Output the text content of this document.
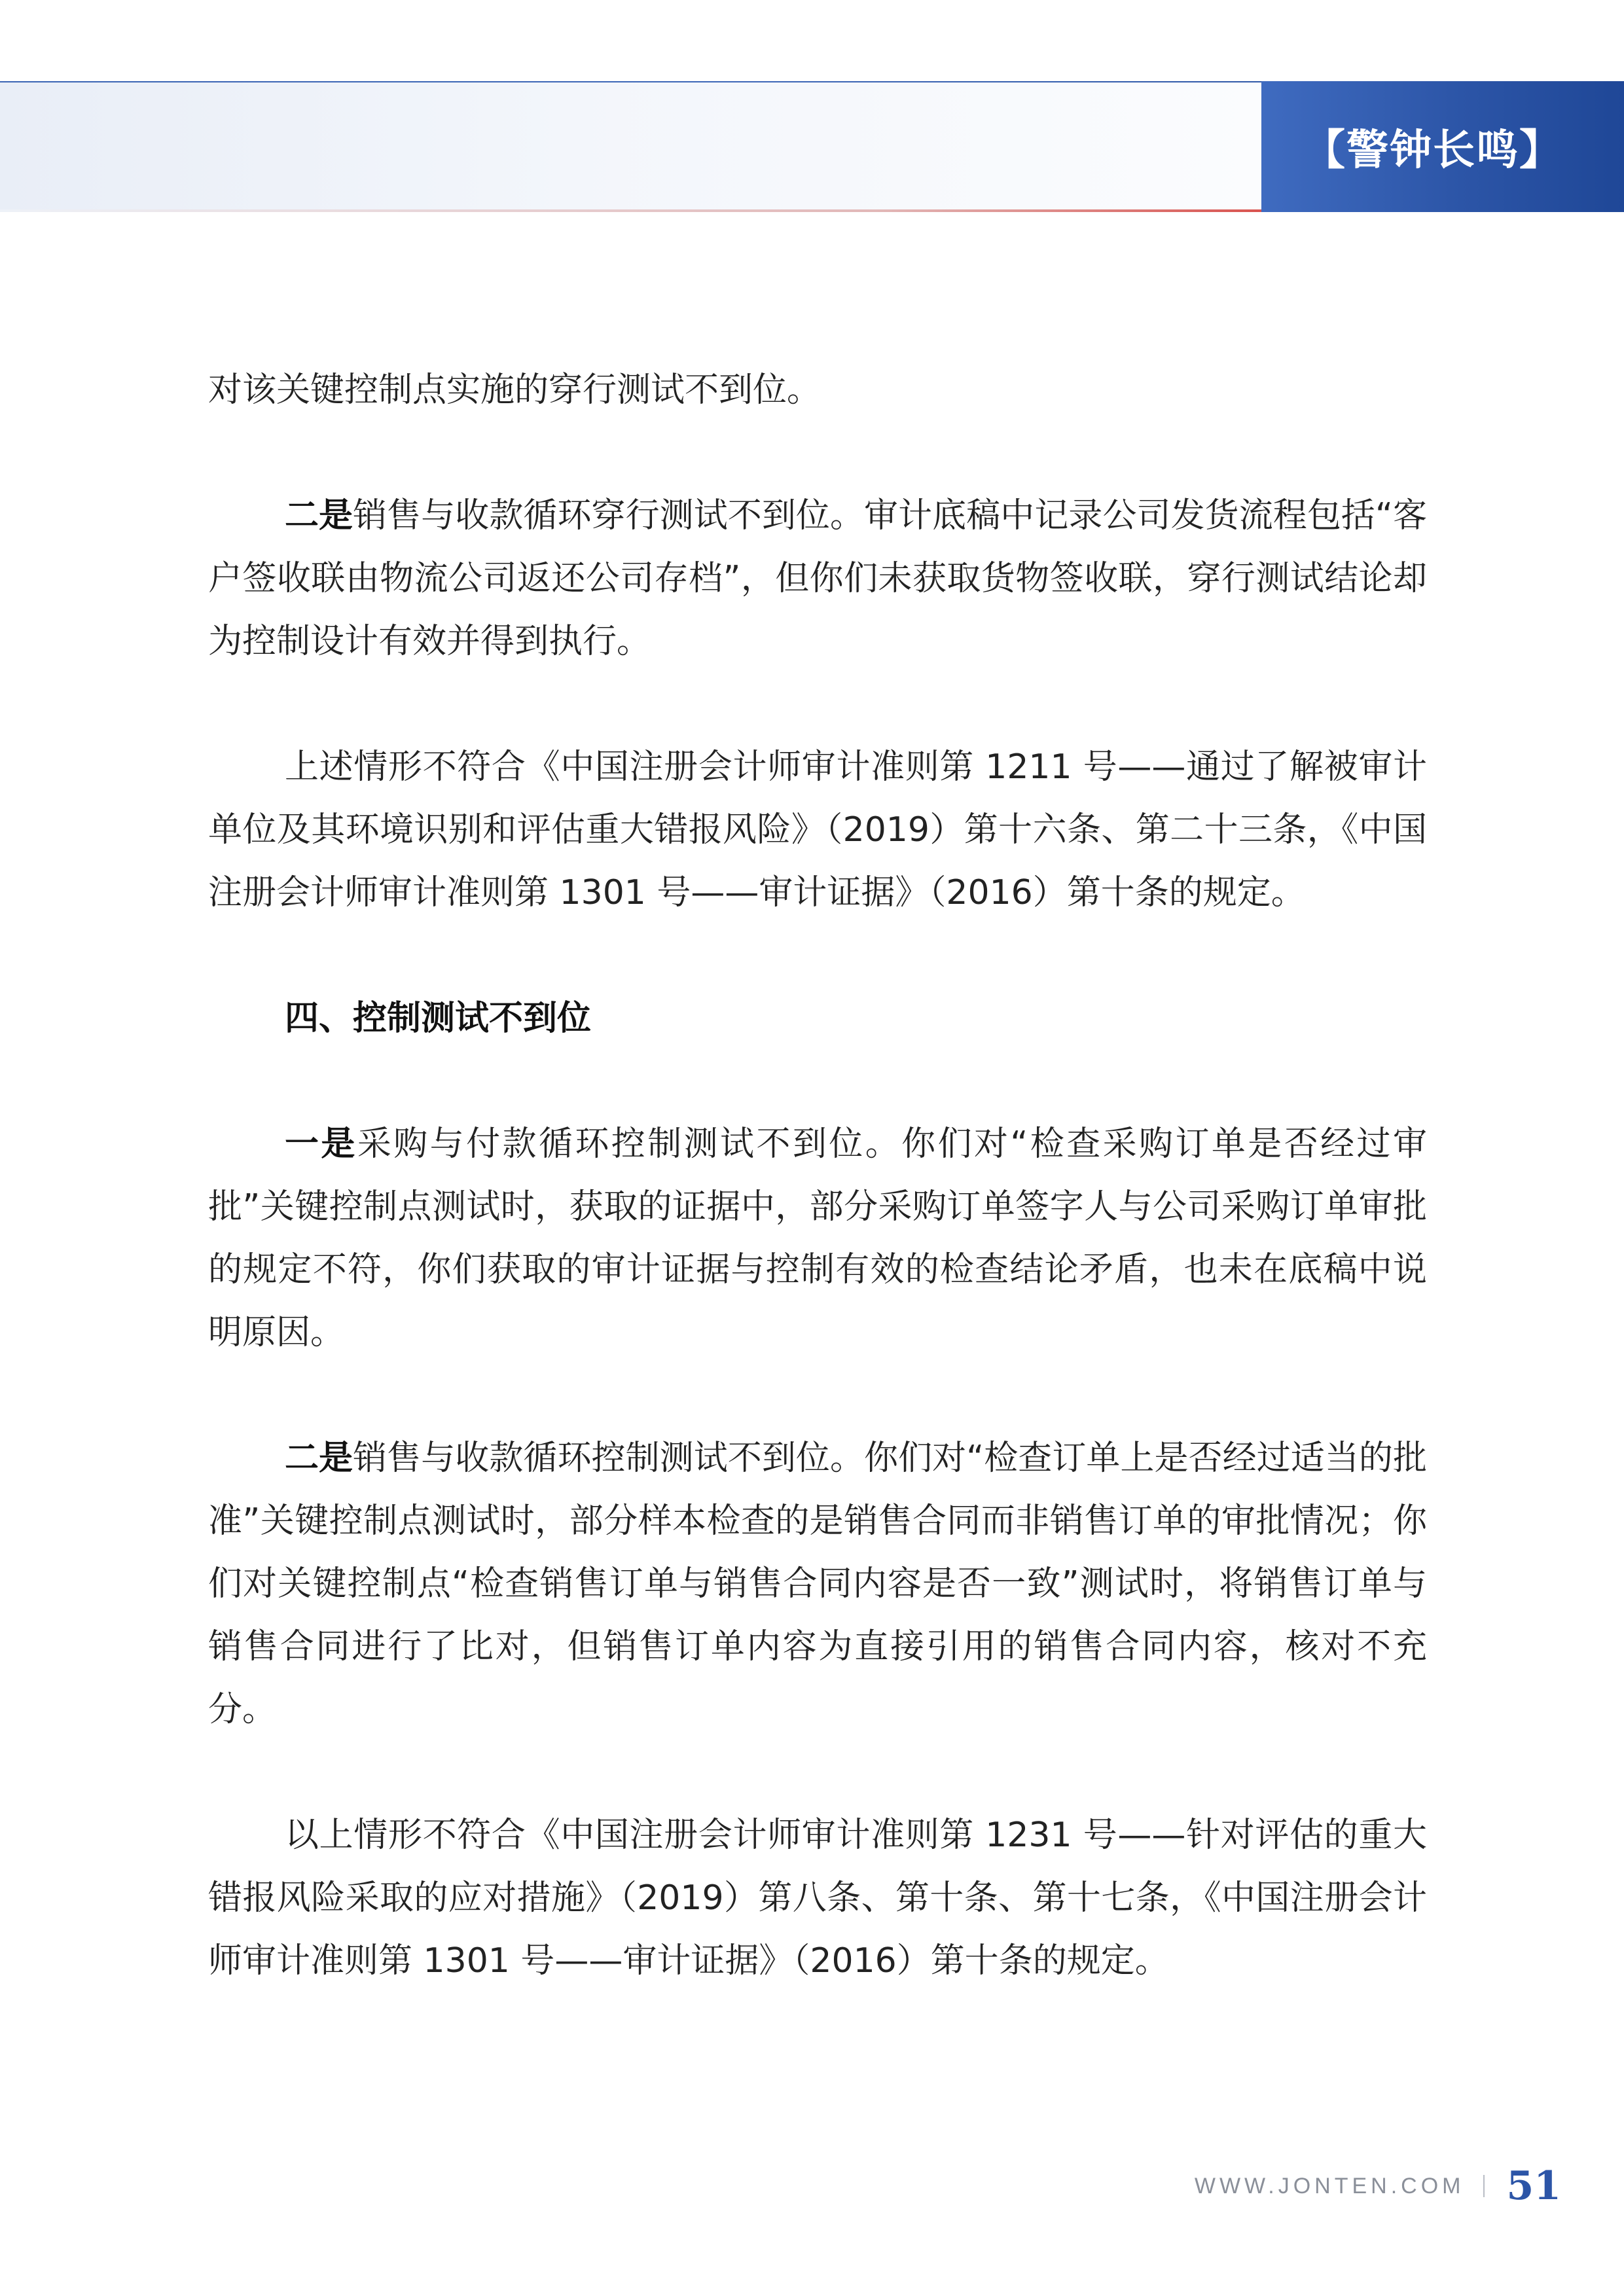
【警钟长鸣】

对该关键控制点实施的穿行测试不到位。

二是销售与收款循环穿行测试不到位。审计底稿中记录公司发货流程包括“客户签收联由物流公司返还公司存档”，但你们未获取货物签收联，穿行测试结论却为控制设计有效并得到执行。

上述情形不符合《中国注册会计师审计准则第 1211 号——通过了解被审计单位及其环境识别和评估重大错报风险》（2019）第十六条、第二十三条，《中国注册会计师审计准则第 1301 号——审计证据》（2016）第十条的规定。

四、控制测试不到位

一是采购与付款循环控制测试不到位。你们对“检查采购订单是否经过审批”关键控制点测试时，获取的证据中，部分采购订单签字人与公司采购订单审批的规定不符，你们获取的审计证据与控制有效的检查结论矛盾，也未在底稿中说明原因。

二是销售与收款循环控制测试不到位。你们对“检查订单上是否经过适当的批准”关键控制点测试时，部分样本检查的是销售合同而非销售订单的审批情况；你们对关键控制点“检查销售订单与销售合同内容是否一致”测试时，将销售订单与销售合同进行了比对，但销售订单内容为直接引用的销售合同内容，核对不充分。

以上情形不符合《中国注册会计师审计准则第 1231 号——针对评估的重大错报风险采取的应对措施》（2019）第八条、第十条、第十七条，《中国注册会计师审计准则第 1301 号——审计证据》（2016）第十条的规定。

WWW.JONTEN.COM 51
